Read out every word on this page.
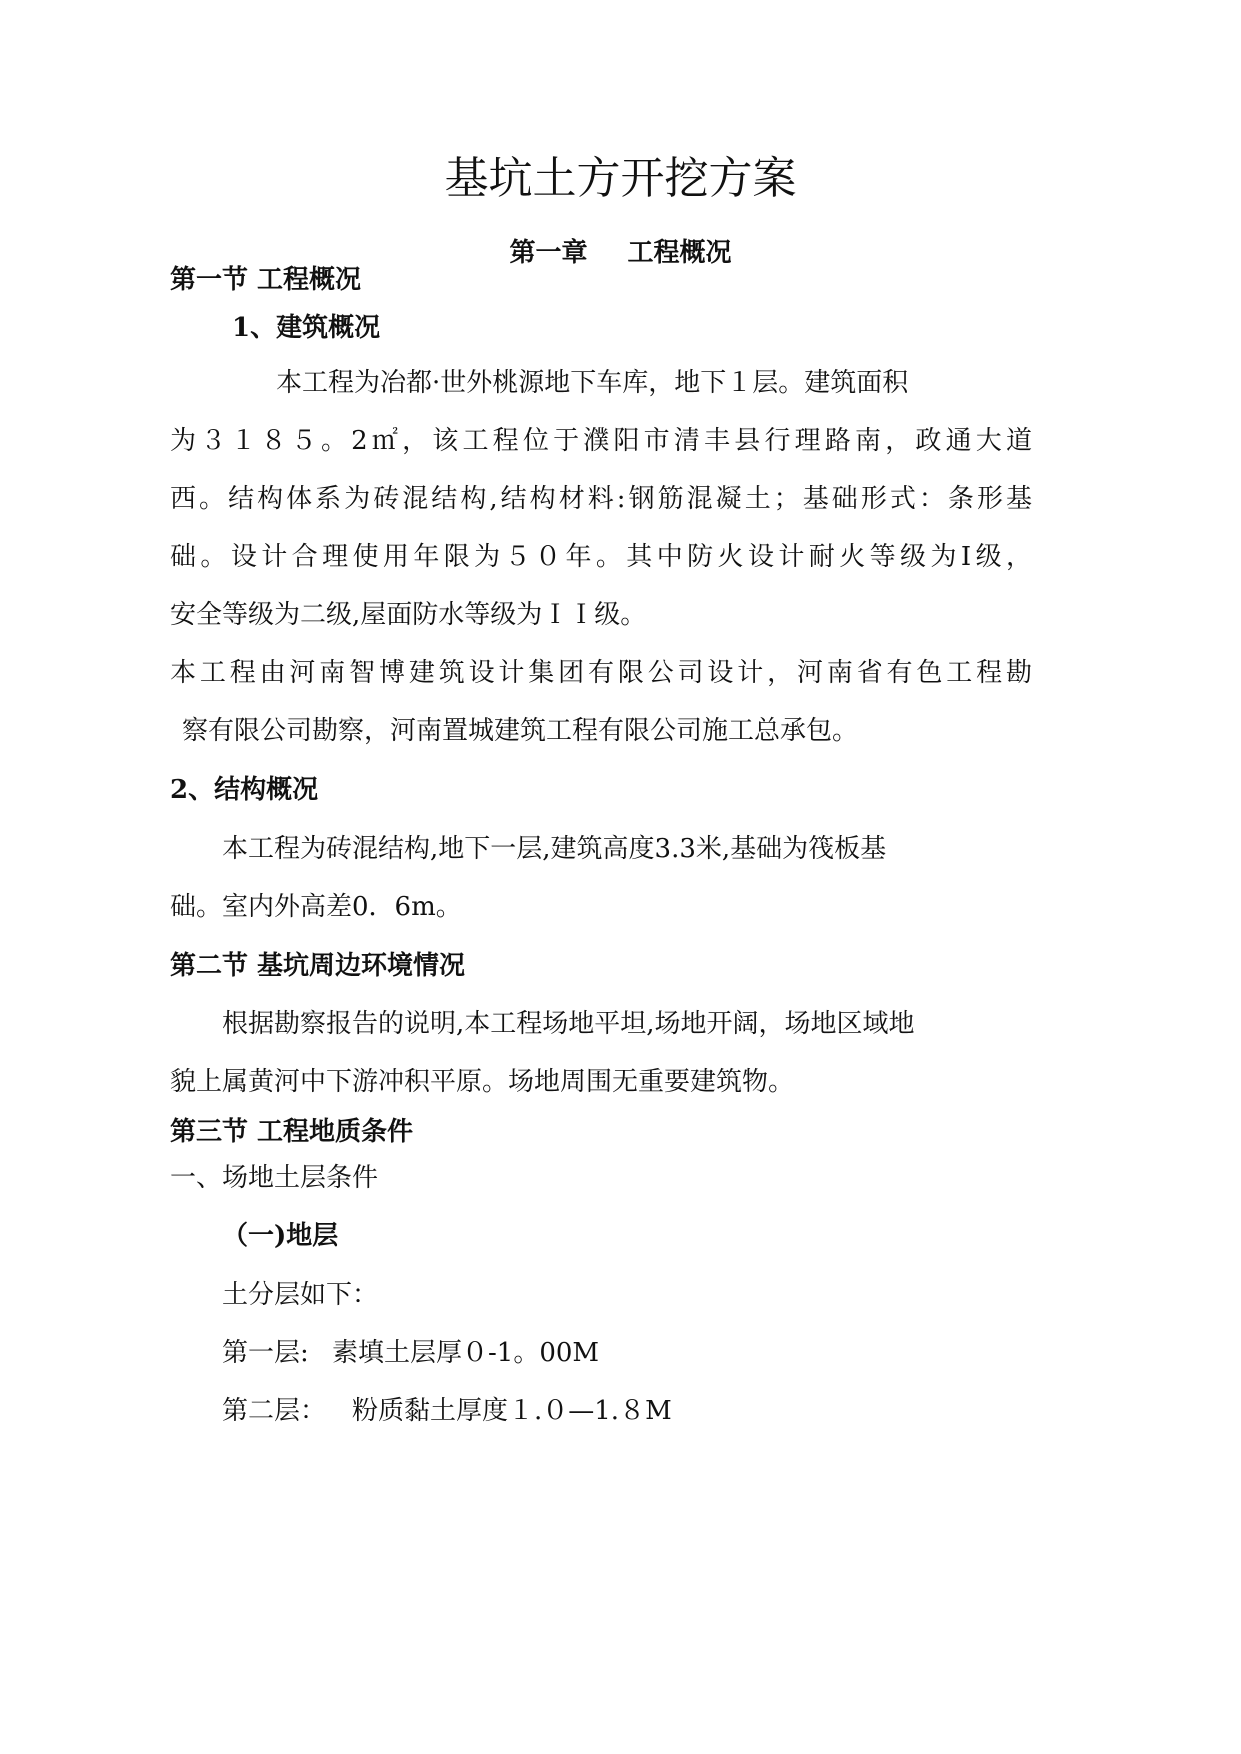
基坑土方开挖方案
第一章 工程概况
第一节 工程概况
1、建筑概况
本工程为冶都·世外桃源地下车库，地下１层。建筑面积
为３１８５。2㎡，该工程位于濮阳市清丰县行理路南，政通大道
西。结构体系为砖混结构,结构材料:钢筋混凝土；基础形式：条形基
础。设计合理使用年限为５０年。其中防火设计耐火等级为Ⅰ级，
安全等级为二级,屋面防水等级为ＩＩ级。
本工程由河南智博建筑设计集团有限公司设计，河南省有色工程勘
察有限公司勘察，河南置城建筑工程有限公司施工总承包。
2、结构概况
本工程为砖混结构,地下一层,建筑高度3.3米,基础为筏板基
础。室内外高差0．6m。
第二节 基坑周边环境情况
根据勘察报告的说明,本工程场地平坦,场地开阔，场地区域地
貌上属黄河中下游冲积平原。场地周围无重要建筑物。
第三节 工程地质条件
一、场地土层条件
（一)地层
土分层如下：
第一层: 素填土层厚０-1。00M
第二层： 粉质黏土厚度１.０—1.８M
